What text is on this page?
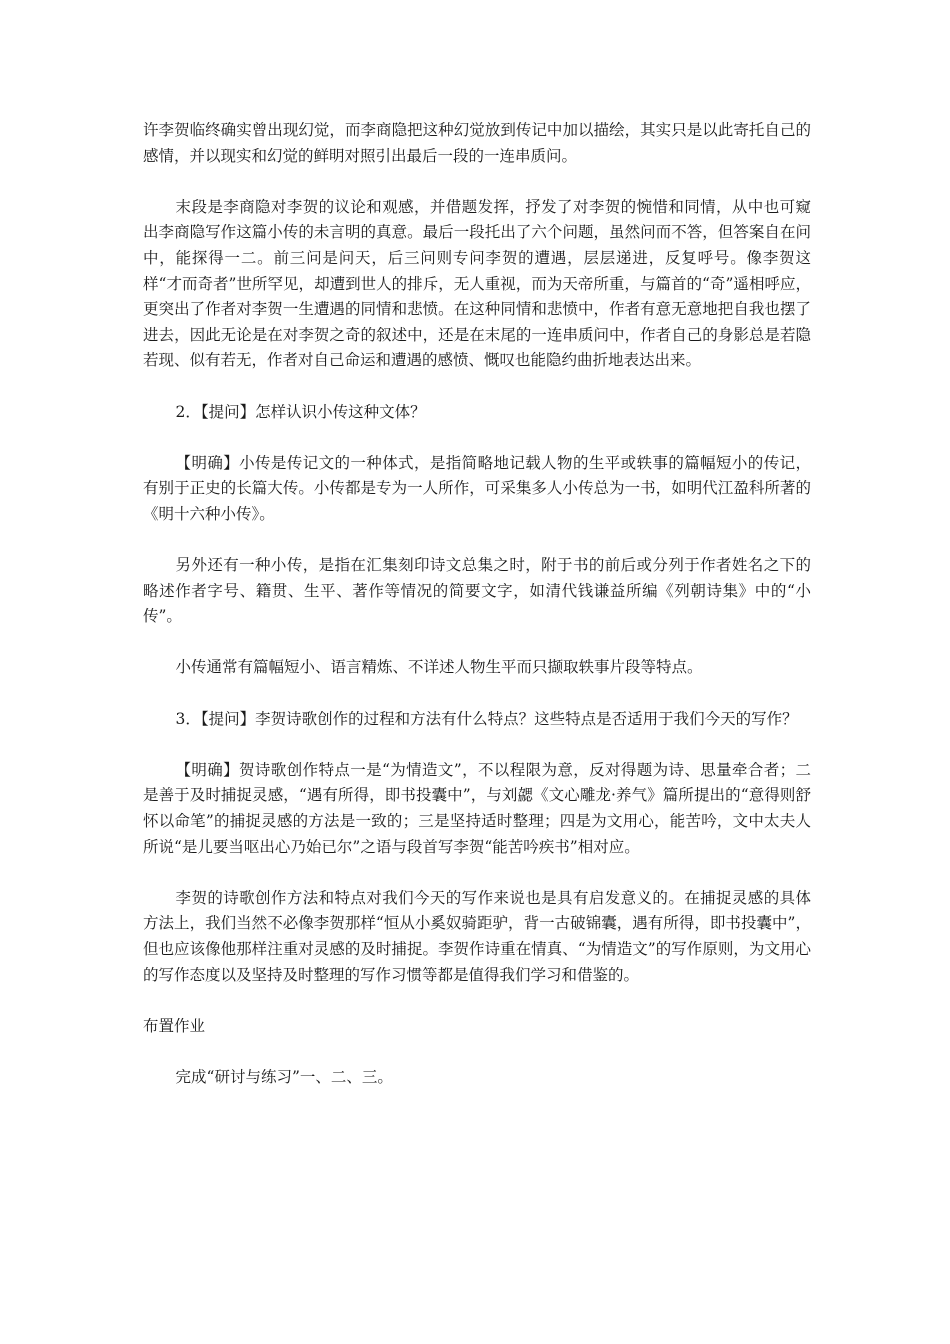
许李贺临终确实曾出现幻觉，而李商隐把这种幻觉放到传记中加以描绘，其实只是以此寄托自己的感情，并以现实和幻觉的鲜明对照引出最后一段的一连串质问。

末段是李商隐对李贺的议论和观感，并借题发挥，抒发了对李贺的惋惜和同情，从中也可窥出李商隐写作这篇小传的未言明的真意。最后一段托出了六个问题，虽然问而不答，但答案自在问中，能探得一二。前三问是问天，后三问则专问李贺的遭遇，层层递进，反复呼号。像李贺这样“才而奇者”世所罕见，却遭到世人的排斥，无人重视，而为天帝所重，与篇首的“奇”遥相呼应，更突出了作者对李贺一生遭遇的同情和悲愤。在这种同情和悲愤中，作者有意无意地把自我也摆了进去，因此无论是在对李贺之奇的叙述中，还是在末尾的一连串质问中，作者自己的身影总是若隐若现、似有若无，作者对自己命运和遭遇的感愤、慨叹也能隐约曲折地表达出来。

2．【提问】怎样认识小传这种文体？

【明确】小传是传记文的一种体式，是指简略地记载人物的生平或轶事的篇幅短小的传记，有别于正史的长篇大传。小传都是专为一人所作，可采集多人小传总为一书，如明代江盈科所著的《明十六种小传》。

另外还有一种小传，是指在汇集刻印诗文总集之时，附于书的前后或分列于作者姓名之下的略述作者字号、籍贯、生平、著作等情况的简要文字，如清代钱谦益所编《列朝诗集》中的“小传”。

小传通常有篇幅短小、语言精炼、不详述人物生平而只撷取轶事片段等特点。

3．【提问】李贺诗歌创作的过程和方法有什么特点？这些特点是否适用于我们今天的写作？

【明确】贺诗歌创作特点一是“为情造文”，不以程限为意，反对得题为诗、思量牵合者；二是善于及时捕捉灵感，“遇有所得，即书投囊中”，与刘勰《文心雕龙·养气》篇所提出的“意得则舒怀以命笔”的捕捉灵感的方法是一致的；三是坚持适时整理；四是为文用心，能苦吟，文中太夫人所说“是儿要当呕出心乃始已尔”之语与段首写李贺“能苦吟疾书”相对应。

李贺的诗歌创作方法和特点对我们今天的写作来说也是具有启发意义的。在捕捉灵感的具体方法上，我们当然不必像李贺那样“恒从小奚奴骑距驴，背一古破锦囊，遇有所得，即书投囊中”，但也应该像他那样注重对灵感的及时捕捉。李贺作诗重在情真、“为情造文”的写作原则，为文用心的写作态度以及坚持及时整理的写作习惯等都是值得我们学习和借鉴的。

布置作业

完成“研讨与练习”一、二、三。
